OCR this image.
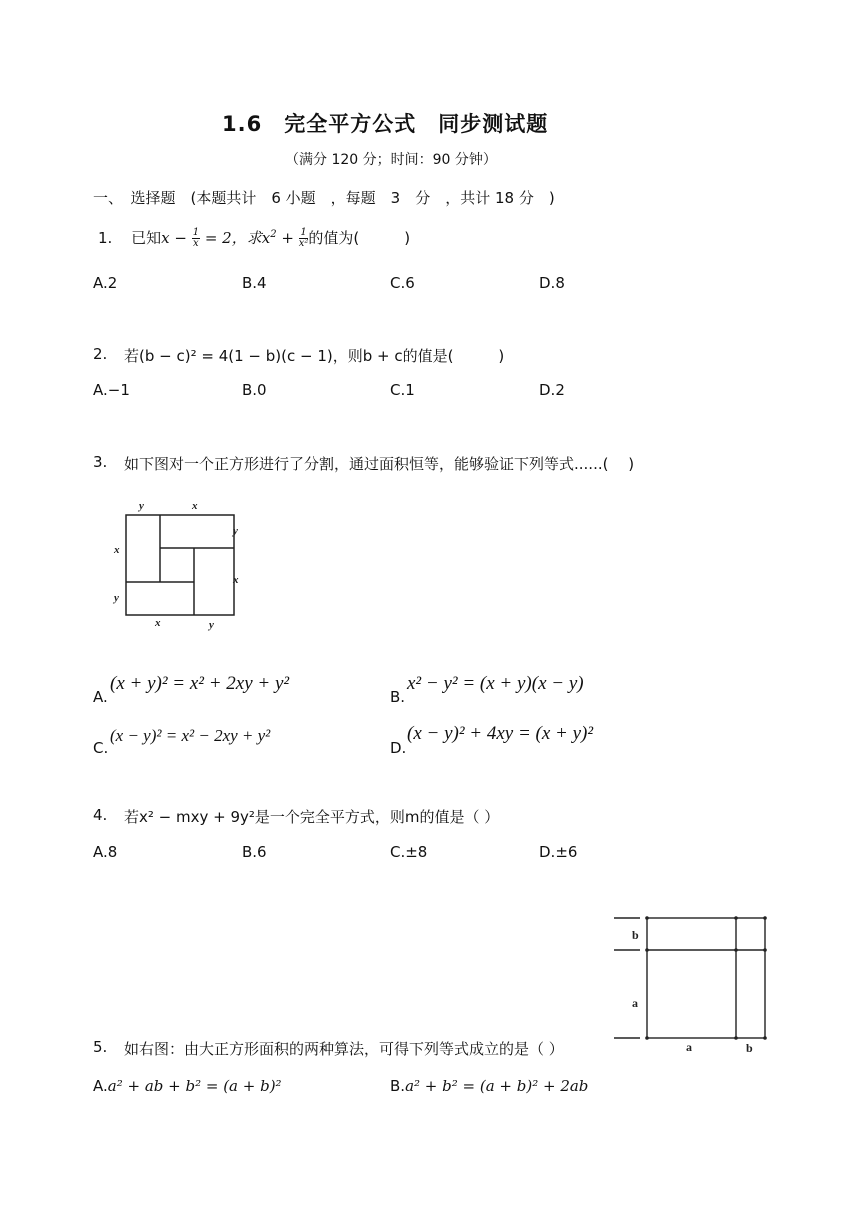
1.6　完全平方公式　同步测试题
（满分 120 分；时间：90 分钟）
一、　选择题　(本题共计　6 小题　，每题　3　分　，共计 18 分　)
1. 已知$x - \frac{1}{x} = 2$，求$x^2 + \frac{1}{\text{x²}}$ 的值为(　　　)
A.2	B.4	C.6	D.8
2. 若(b − c)² = 4(1 − b)(c − 1)，则b + c的值是(　　　)
A.−1	B.0	C.1	D.2
3. 如下图对一个正方形进行了分割，通过面积恒等，能够验证下列等式......(　 )
y	x
y
x
x
y
x	y
A.
(x + y)² = x² + 2xy + y²
B.
x² − y² = (x + y)(x − y)
C.
(x − y)² = x² − 2xy + y²
D.
(x − y)² + 4xy = (x + y)²
4. 若x² − mxy + 9y²是一个完全平方式，则m的值是（ ）
A.8	B.6	C.±8	D.±6
b
a
a	b
5. 如右图：由大正方形面积的两种算法，可得下列等式成立的是（ ）
A.a² + ab + b² = (a + b)²	B.a² + b² = (a + b)² + 2ab
